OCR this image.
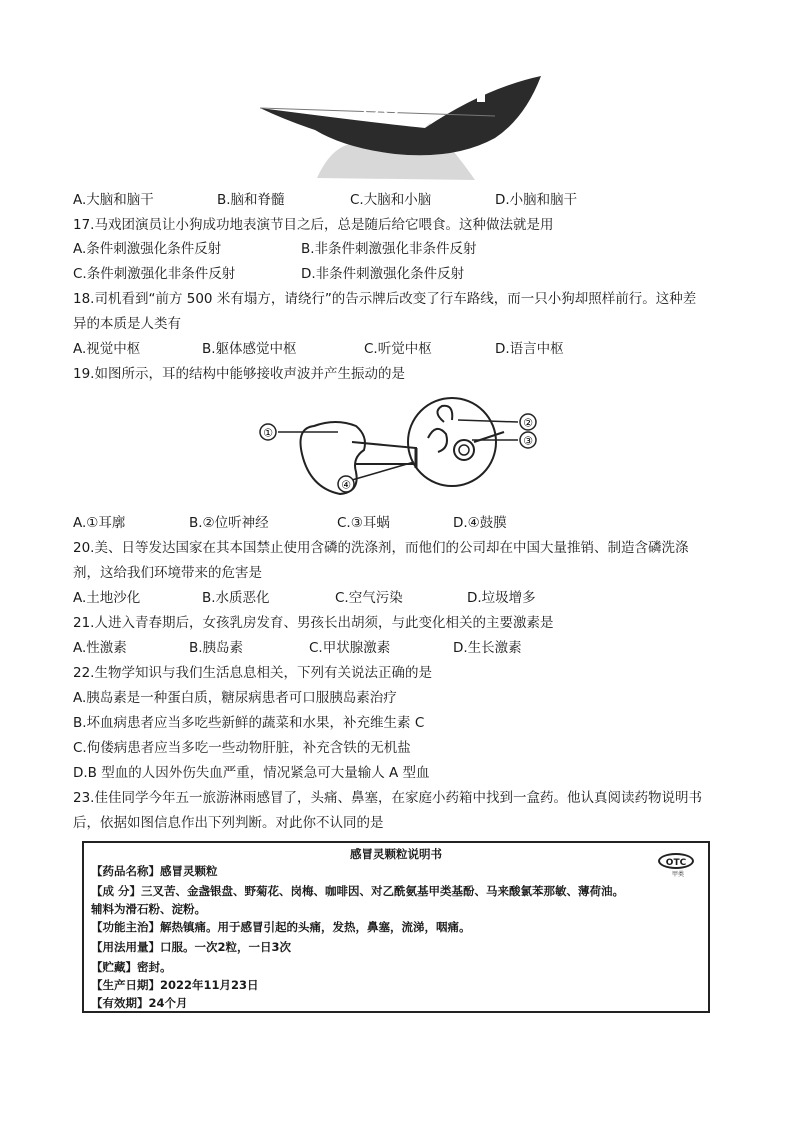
A.大脑和脑干	B.脑和脊髓	C.大脑和小脑	D.小脑和脑干
17.马戏团演员让小狗成功地表演节目之后，总是随后给它喂食。这种做法就是用
A.条件刺激强化条件反射	B.非条件刺激强化非条件反射
C.条件刺激强化非条件反射	D.非条件刺激强化条件反射
18.司机看到“前方 500 米有塌方，请绕行”的告示牌后改变了行车路线，而一只小狗却照样前行。这种差
异的本质是人类有
A.视觉中枢	B.躯体感觉中枢	C.听觉中枢	D.语言中枢
19.如图所示，耳的结构中能够接收声波并产生振动的是
①
②
③
④
A.①耳廓	B.②位听神经	C.③耳蜗	D.④鼓膜
20.美、日等发达国家在其本国禁止使用含磷的洗涤剂，而他们的公司却在中国大量推销、制造含磷洗涤
剂，这给我们环境带来的危害是
A.土地沙化	B.水质恶化	C.空气污染	D.垃圾增多
21.人进入青春期后，女孩乳房发育、男孩长出胡须，与此变化相关的主要激素是
A.性激素	B.胰岛素	C.甲状腺激素	D.生长激素
22.生物学知识与我们生活息息相关，下列有关说法正确的是
A.胰岛素是一种蛋白质，糖尿病患者可口服胰岛素治疗
B.坏血病患者应当多吃些新鲜的蔬菜和水果，补充维生素 C
C.佝偻病患者应当多吃一些动物肝脏，补充含铁的无机盐
D.B 型血的人因外伤失血严重，情况紧急可大量输人 A 型血
23.佳佳同学今年五一旅游淋雨感冒了，头痛、鼻塞，在家庭小药箱中找到一盒药。他认真阅读药物说明书
后，依据如图信息作出下列判断。对此你不认同的是
感冒灵颗粒说明书
OTC
甲类
【药品名称】感冒灵颗粒
【成 分】三叉苦、金盏银盘、野菊花、岗梅、咖啡因、对乙酰氨基甲类基酚、马来酸氯苯那敏、薄荷油。
辅料为滑石粉、淀粉。
【功能主治】解热镇痛。用于感冒引起的头痛，发热，鼻塞，流涕，咽痛。
【用法用量】口服。一次2粒，一日3次
【贮藏】密封。
【生产日期】2022年11月23日
【有效期】24个月
